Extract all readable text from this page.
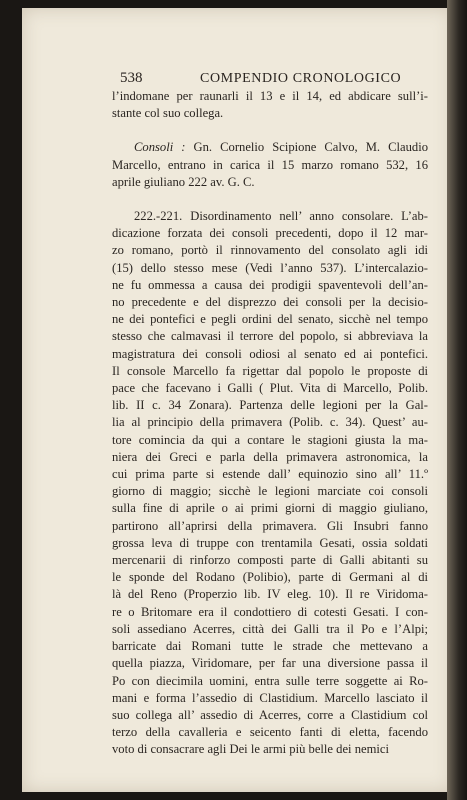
538	COMPENDIO CRONOLOGICO
l’indomane per raunarli il 13 e il 14, ed abdicare sull’i-
stante col suo collega.
Consoli : Gn. Cornelio Scipione Calvo, M. Claudio
Marcello, entrano in carica il 15 marzo romano 532, 16
aprile giuliano 222 av. G. C.
222.-221. Disordinamento nell’ anno consolare. L’ab-
dicazione forzata dei consoli precedenti, dopo il 12 mar-
zo romano, portò il rinnovamento del consolato agli idi
(15) dello stesso mese (Vedi l’anno 537). L’intercalazio-
ne fu ommessa a causa dei prodigii spaventevoli dell’an-
no precedente e del disprezzo dei consoli per la decisio-
ne dei pontefici e pegli ordini del senato, sicchè nel tempo
stesso che calmavasi il terrore del popolo, si abbreviava la
magistratura dei consoli odiosi al senato ed ai pontefici.
Il console Marcello fa rigettar dal popolo le proposte di
pace che facevano i Galli ( Plut. Vita di Marcello, Polib.
lib. II c. 34 Zonara). Partenza delle legioni per la Gal-
lia al principio della primavera (Polib. c. 34). Quest’ au-
tore comincia da qui a contare le stagioni giusta la ma-
niera dei Greci e parla della primavera astronomica, la
cui prima parte si estende dall’ equinozio sino all’ 11.º
giorno di maggio; sicchè le legioni marciate coi consoli
sulla fine di aprile o ai primi giorni di maggio giuliano,
partirono all’aprirsi della primavera. Gli Insubri fanno
grossa leva di truppe con trentamila Gesati, ossia soldati
mercenarii di rinforzo composti parte di Galli abitanti su
le sponde del Rodano (Polibio), parte di Germani al di
là del Reno (Properzio lib. IV eleg. 10). Il re Viridoma-
re o Britomare era il condottiero di cotesti Gesati. I con-
soli assediano Acerres, città dei Galli tra il Po e l’Alpi;
barricate dai Romani tutte le strade che mettevano a
quella piazza, Viridomare, per far una diversione passa il
Po con diecimila uomini, entra sulle terre soggette ai Ro-
mani e forma l’assedio di Clastidium. Marcello lasciato il
suo collega all’ assedio di Acerres, corre a Clastidium col
terzo della cavalleria e seicento fanti di eletta, facendo
voto di consacrare agli Dei le armi più belle dei nemici
